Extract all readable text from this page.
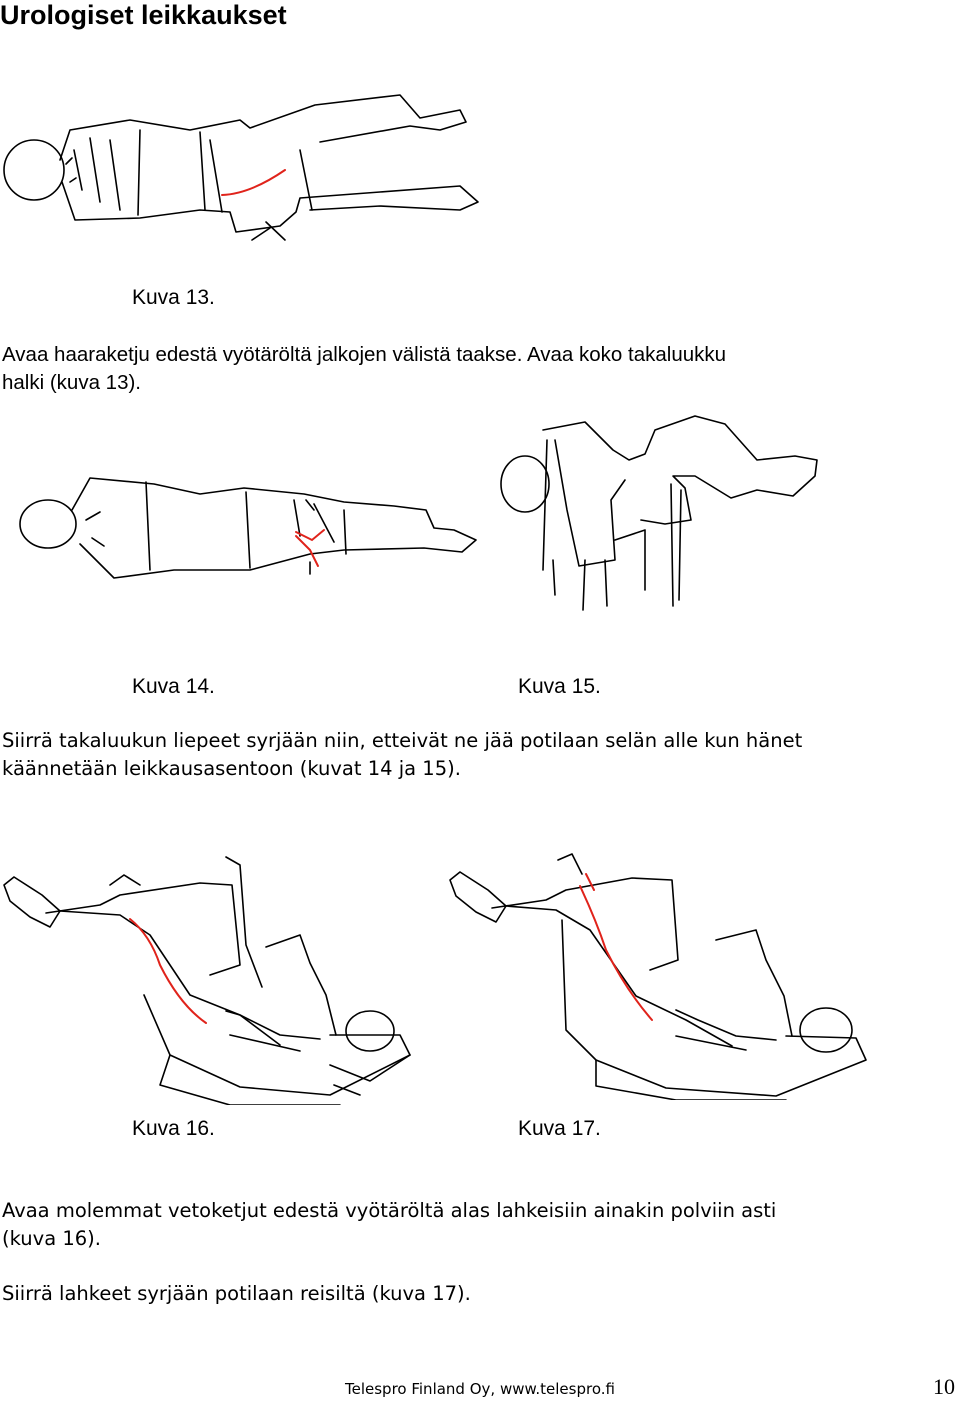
Urologiset leikkaukset
Kuva 13.
Avaa haaraketju edestä vyötäröltä jalkojen välistä taakse. Avaa koko takaluukku
halki (kuva 13).
Kuva 14.	Kuva 15.
Siirrä takaluukun liepeet syrjään niin, etteivät ne jää potilaan selän alle kun hänet
käännetään leikkausasentoon (kuvat 14 ja 15).
Kuva 16.	Kuva 17.
Avaa molemmat vetoketjut edestä vyötäröltä alas lahkeisiin ainakin polviin asti
(kuva 16).
Siirrä lahkeet syrjään potilaan reisiltä (kuva 17).
Telespro Finland Oy, www.telespro.fi	10
